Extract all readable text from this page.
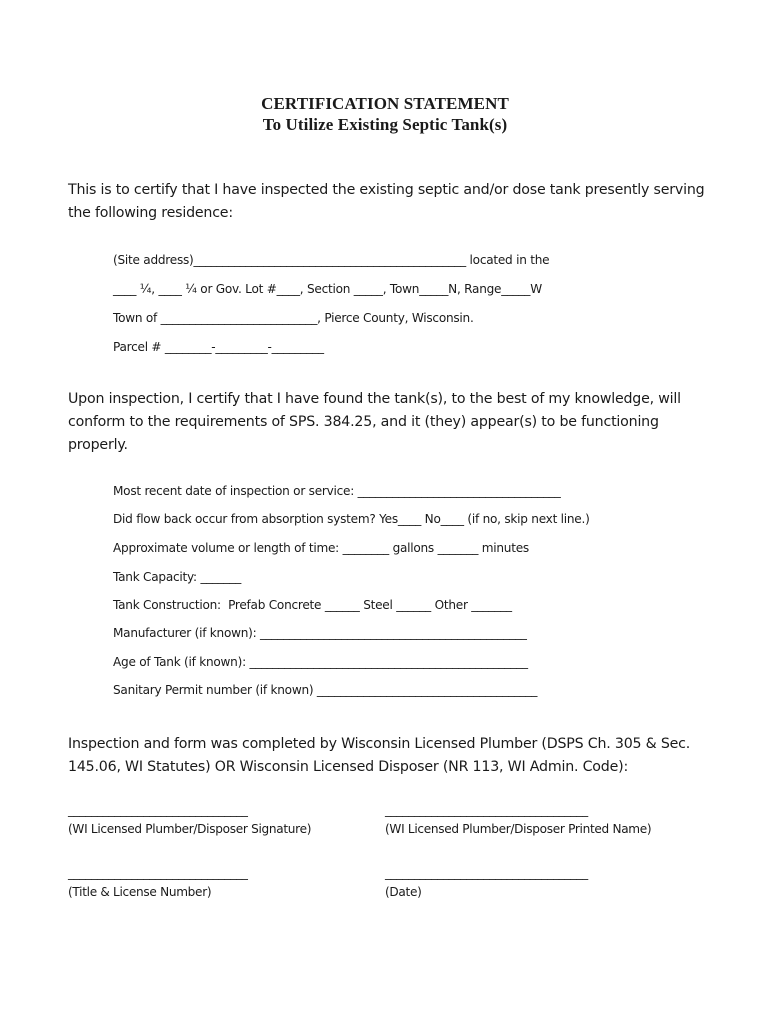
CERTIFICATION STATEMENT
To Utilize Existing Septic Tank(s)
This is to certify that I have inspected the existing septic and/or dose tank presently serving the following residence:
(Site address)_______________________________________________ located in the
____ ¼, ____ ¼ or Gov. Lot #____, Section _____, Town_____N, Range_____W
Town of ___________________________, Pierce County, Wisconsin.
Parcel # ________-_________-_________
Upon inspection, I certify that I have found the tank(s), to the best of my knowledge, will conform to the requirements of SPS. 384.25, and it (they) appear(s) to be functioning properly.
Most recent date of inspection or service: ___________________________________
Did flow back occur from absorption system? Yes____ No____ (if no, skip next line.)
Approximate volume or length of time: ________ gallons _______ minutes
Tank Capacity: _______
Tank Construction:  Prefab Concrete ______ Steel ______ Other _______
Manufacturer (if known): ______________________________________________
Age of Tank (if known): ________________________________________________
Sanitary Permit number (if known) ______________________________________
Inspection and form was completed by Wisconsin Licensed Plumber (DSPS Ch. 305 & Sec. 145.06, WI Statutes) OR Wisconsin Licensed Disposer (NR 113, WI Admin. Code):
_______________________________	___________________________________
(WI Licensed Plumber/Disposer Signature)	(WI Licensed Plumber/Disposer Printed Name)
_______________________________	___________________________________
(Title & License Number)	(Date)
